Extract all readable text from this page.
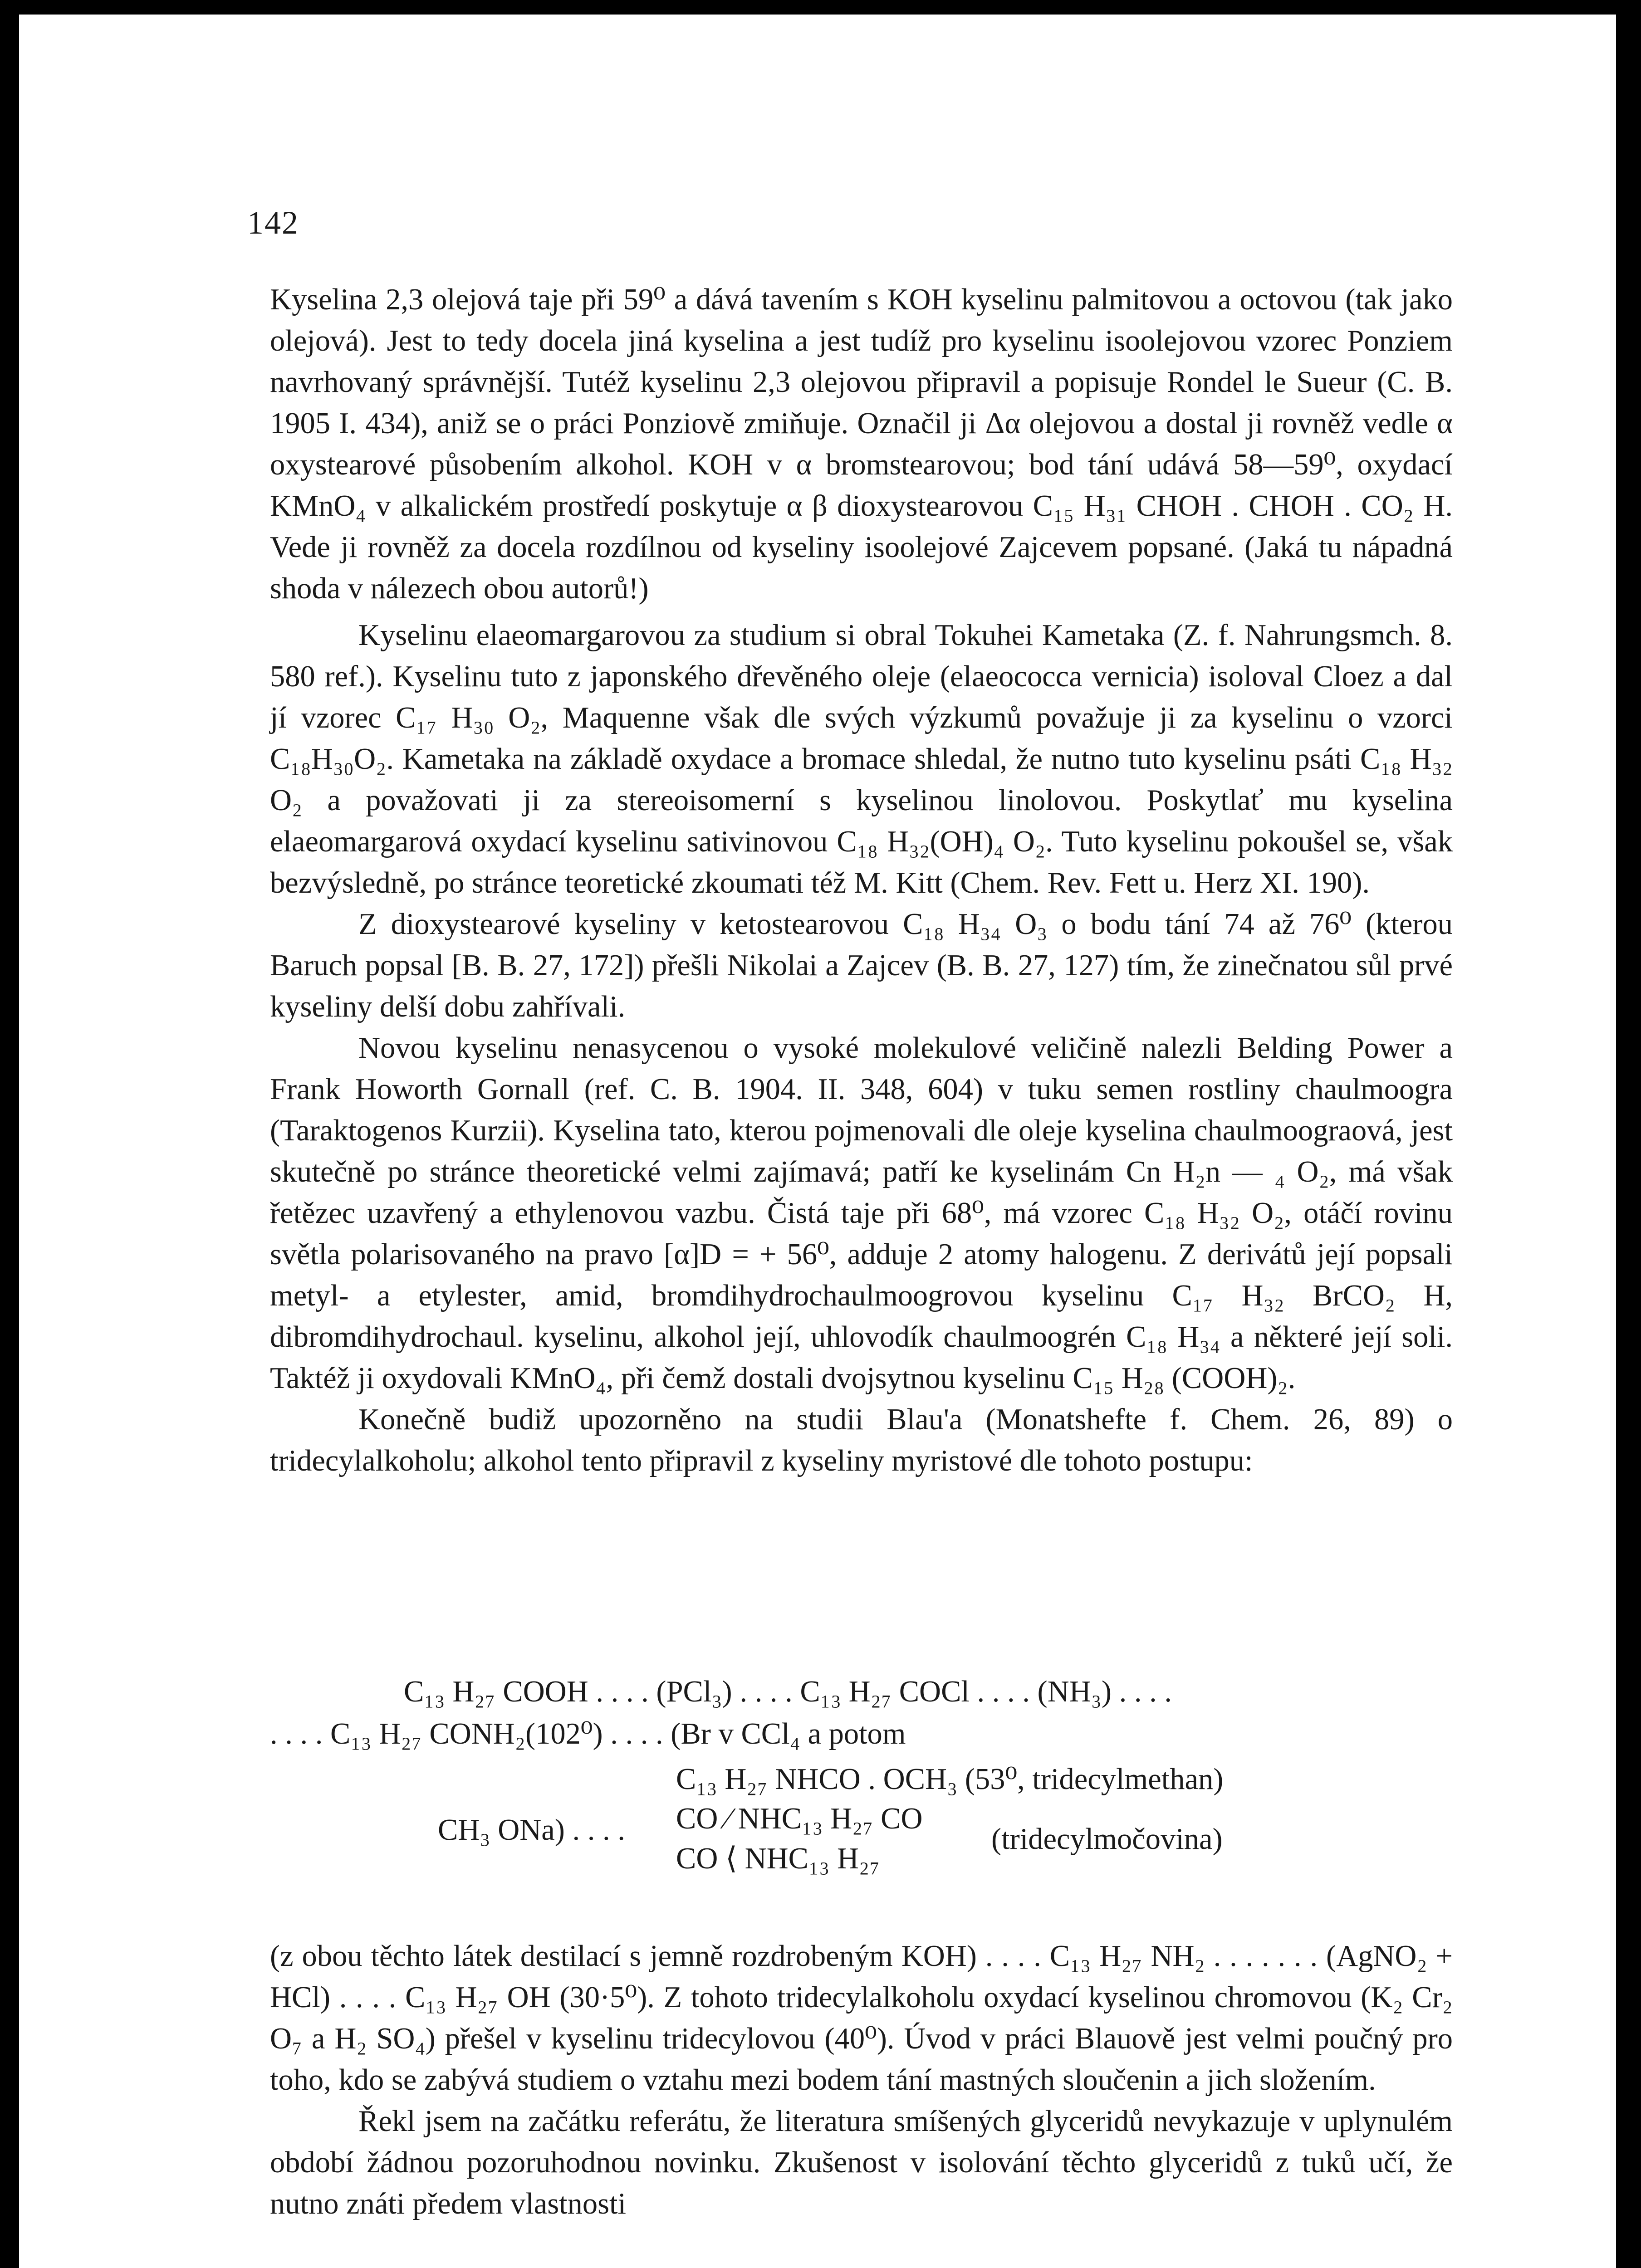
142

Kyselina 2,3 olejová taje při 59⁰ a dává tavením s KOH kyselinu palmitovou a octovou (tak jako olejová). Jest to tedy docela jiná kyselina a jest tudíž pro kyselinu isoolejovou vzorec Ponziem navrhovaný správnější. Tutéž kyselinu 2,3 olejovou připravil a popisuje Rondel le Sueur (C. B. 1905 I. 434), aniž se o práci Ponziově zmiňuje. Označil ji Δα olejovou a dostal ji rovněž vedle α oxystearové působením alkohol. KOH v α bromstearovou; bod tání udává 58—59⁰, oxydací KMnO₄ v alkalickém prostředí poskytuje α β dioxystearovou C₁₅ H₃₁ CHOH . CHOH . CO₂ H. Vede ji rovněž za docela rozdílnou od kyseliny isoolejové Zajcevem popsané. (Jaká tu nápadná shoda v nálezech obou autorů!)

Kyselinu elaeomargarovou za studium si obral Tokuhei Kametaka (Z. f. Nahrungsmch. 8. 580 ref.). Kyselinu tuto z japonského dřevěného oleje (elaeococca vernicia) isoloval Cloez a dal jí vzorec C₁₇ H₃₀ O₂, Maquenne však dle svých výzkumů považuje ji za kyselinu o vzorci C₁₈H₃₀O₂. Kametaka na základě oxydace a bromace shledal, že nutno tuto kyselinu psáti C₁₈ H₃₂ O₂ a považovati ji za stereoisomerní s kyselinou linolovou. Poskytlať mu kyselina elaeomargarová oxydací kyselinu sativinovou C₁₈ H₃₂(OH)₄ O₂. Tuto kyselinu pokoušel se, však bezvýsledně, po stránce teoretické zkoumati též M. Kitt (Chem. Rev. Fett u. Herz XI. 190).

Z dioxystearové kyseliny v ketostearovou C₁₈ H₃₄ O₃ o bodu tání 74 až 76⁰ (kterou Baruch popsal [B. B. 27, 172]) přešli Nikolai a Zajcev (B. B. 27, 127) tím, že zinečnatou sůl prvé kyseliny delší dobu zahřívali.

Novou kyselinu nenasycenou o vysoké molekulové veličině nalezli Belding Power a Frank Howorth Gornall (ref. C. B. 1904. II. 348, 604) v tuku semen rostliny chaulmoogra (Taraktogenos Kurzii). Kyselina tato, kterou pojmenovali dle oleje kyselina chaulmoograová, jest skutečně po stránce theoretické velmi zajímavá; patří ke kyselinám Cn H₂n — ₄ O₂, má však řetězec uzavřený a ethylenovou vazbu. Čistá taje při 68⁰, má vzorec C₁₈ H₃₂ O₂, otáčí rovinu světla polarisovaného na pravo [α]D = + 56⁰, adduje 2 atomy halogenu. Z derivátů její popsali metyl- a etylester, amid, bromdihydrochaulmoogrovou kyselinu C₁₇ H₃₂ BrCO₂ H, dibromdihydrochaul. kyselinu, alkohol její, uhlovodík chaulmoogrén C₁₈ H₃₄ a některé její soli. Taktéž ji oxydovali KMnO₄, při čemž dostali dvojsytnou kyselinu C₁₅ H₂₈ (COOH)₂.

Konečně budiž upozorněno na studii Blau'a (Monatshefte f. Chem. 26, 89) o tridecylalkoholu; alkohol tento připravil z kyseliny myristové dle tohoto postupu:

C₁₃ H₂₇ COOH . . . . (PCl₃) . . . . C₁₃ H₂₇ COCl . . . . (NH₃) . . . .
. . . . C₁₃ H₂₇ CONH₂(102⁰) . . . . (Br v CCl₄ a potom
C₁₃ H₂₇ NHCO . OCH₃ (53⁰, tridecylmethan)
CH₃ ONa) . . . . CO ⁄ NHC₁₃ H₂₇ CO
CO ⟨ NHC₁₃ H₂₇
(tridecylmočovina)

(z obou těchto látek destilací s jemně rozdrobeným KOH) . . . . C₁₃ H₂₇ NH₂ . . . . . . . (AgNO₂ + HCl) . . . . C₁₃ H₂₇ OH (30·5⁰). Z tohoto tridecylalkoholu oxydací kyselinou chromovou (K₂ Cr₂ O₇ a H₂ SO₄) přešel v kyselinu tridecylovou (40⁰). Úvod v práci Blauově jest velmi poučný pro toho, kdo se zabývá studiem o vztahu mezi bodem tání mastných sloučenin a jich složením.

Řekl jsem na začátku referátu, že literatura smíšených glyceridů nevykazuje v uplynulém období žádnou pozoruhodnou novinku. Zkušenost v isolování těchto glyceridů z tuků učí, že nutno znáti předem vlastnosti
